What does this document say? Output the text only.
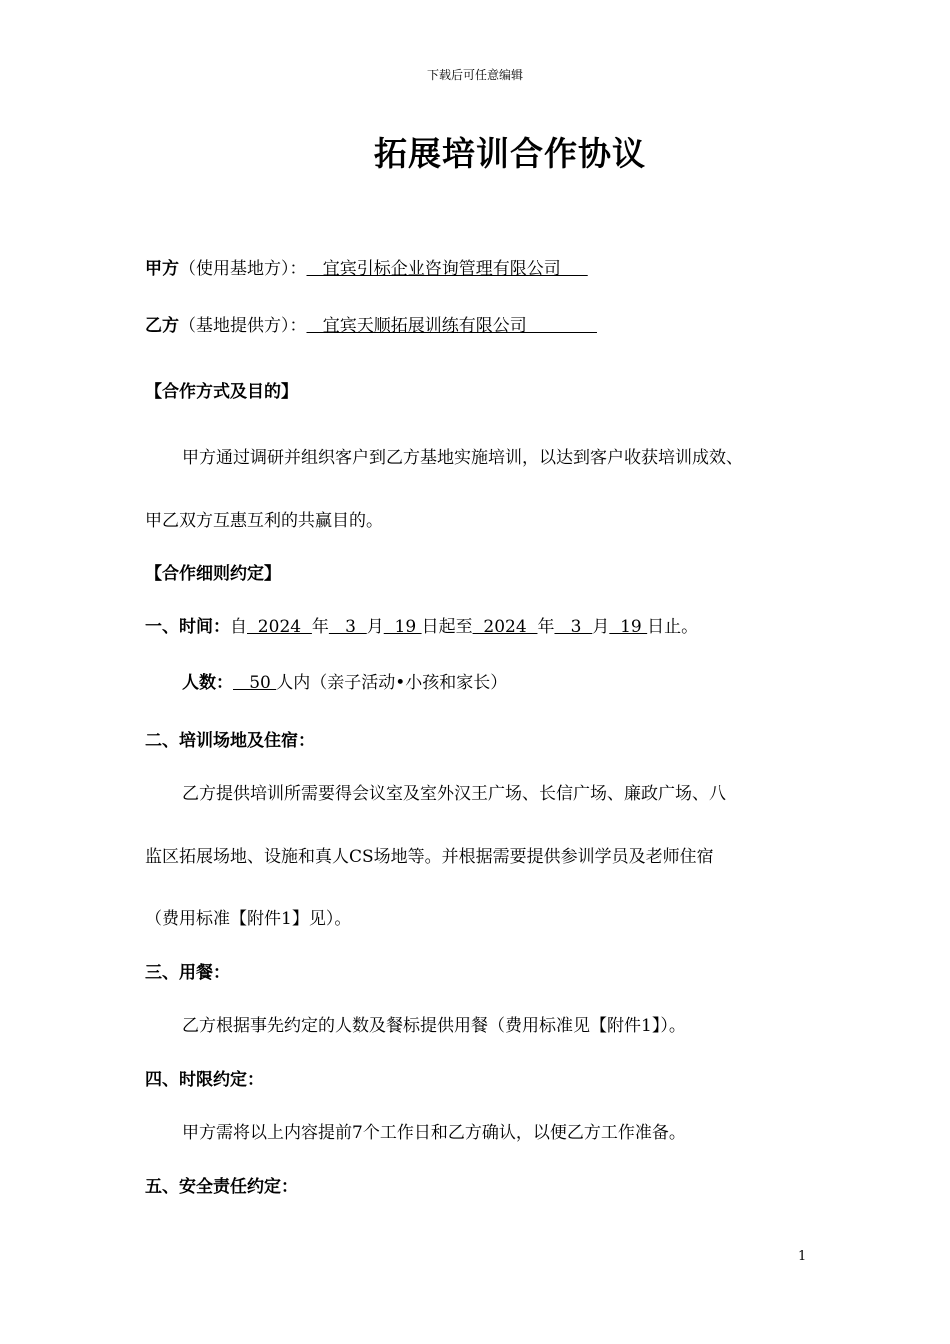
下载后可任意编辑
拓展培训合作协议
甲方（使用基地方）：   宜宾引标企业咨询管理有限公司
乙方（基地提供方）：   宜宾天顺拓展训练有限公司
【合作方式及目的】
甲方通过调研并组织客户到乙方基地实施培训，以达到客户收获培训成效、
甲乙双方互惠互利的共赢目的。
【合作细则约定】
一、时间：自  2024  年   3  月  19 日起至  2024  年   3  月  19 日止。
人数：   50 人内（亲子活动•小孩和家长）
二、培训场地及住宿：
乙方提供培训所需要得会议室及室外汉王广场、长信广场、廉政广场、八
监区拓展场地、设施和真人CS场地等。并根据需要提供参训学员及老师住宿
（费用标准【附件1】见）。
三、用餐：
乙方根据事先约定的人数及餐标提供用餐（费用标准见【附件1】）。
四、时限约定：
甲方需将以上内容提前7个工作日和乙方确认，以便乙方工作准备。
五、安全责任约定：
1
